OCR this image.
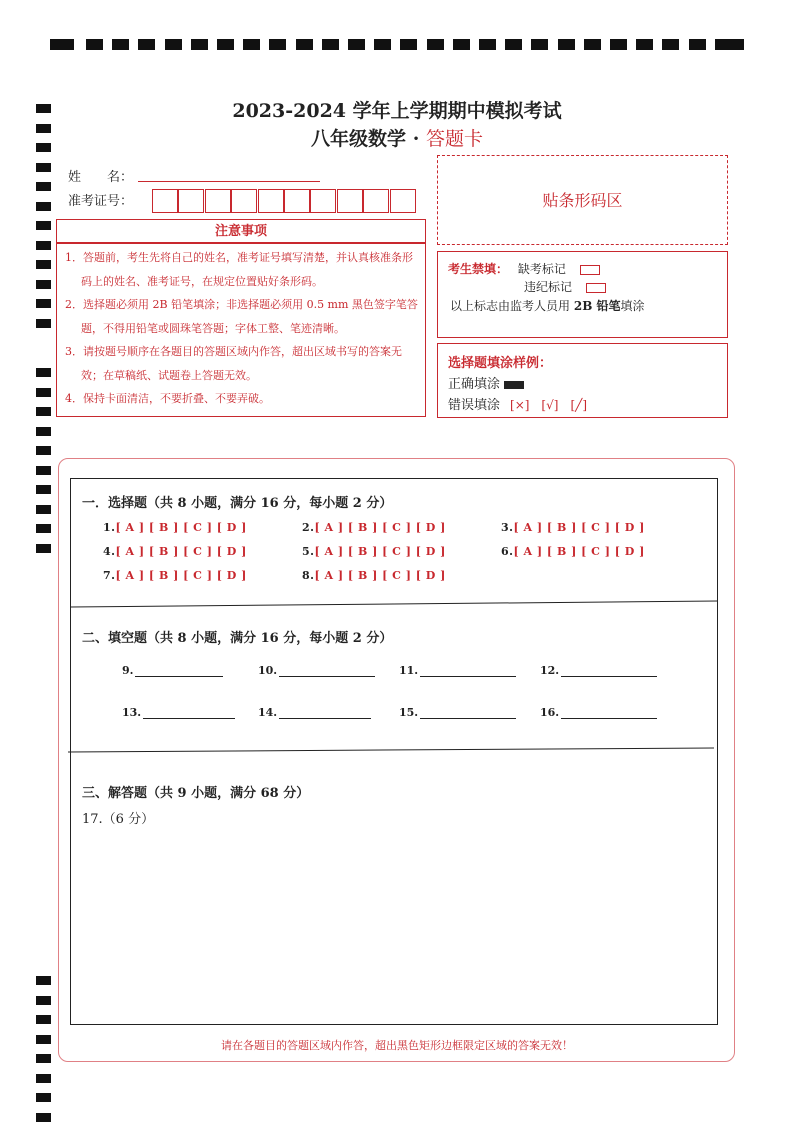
2023-2024 学年上学期期中模拟考试
八年级数学 · 答题卡
姓　　名：
准考证号：	贴条形码区
注意事项

1．答题前，考生先将自己的姓名，准考证号填写清楚，并认真核准条形码上的姓名、准考证号，在规定位置贴好条形码。

2．选择题必须用 2B 铅笔填涂；非选择题必须用 0.5 mm 黑色签字笔答题，不得用铅笔或圆珠笔答题；字体工整、笔迹清晰。

3．请按题号顺序在各题目的答题区域内作答，超出区域书写的答案无效；在草稿纸、试题卷上答题无效。

4．保持卡面清洁，不要折叠、不要弄破。

考生禁填： 缺考标记
违纪标记
以上标志由监考人员用 2B 铅笔填涂
选择题填涂样例：
正确填涂
错误填涂 [×]　[√]　[╱]
一．选择题（共 8 小题，满分 16 分，每小题 2 分）
1.[ A ] [ B ] [ C ] [ D ]	2.[ A ] [ B ] [ C ] [ D ]	3.[ A ] [ B ] [ C ] [ D ]
4.[ A ] [ B ] [ C ] [ D ]	5.[ A ] [ B ] [ C ] [ D ]	6.[ A ] [ B ] [ C ] [ D ]
7.[ A ] [ B ] [ C ] [ D ]	8.[ A ] [ B ] [ C ] [ D ]
二、填空题（共 8 小题，满分 16 分，每小题 2 分）
9.	10.	11.	12.
13.	14.	15.	16.
三、解答题（共 9 小题，满分 68 分）
17.（6 分）
请在各题目的答题区域内作答，超出黑色矩形边框限定区域的答案无效！
